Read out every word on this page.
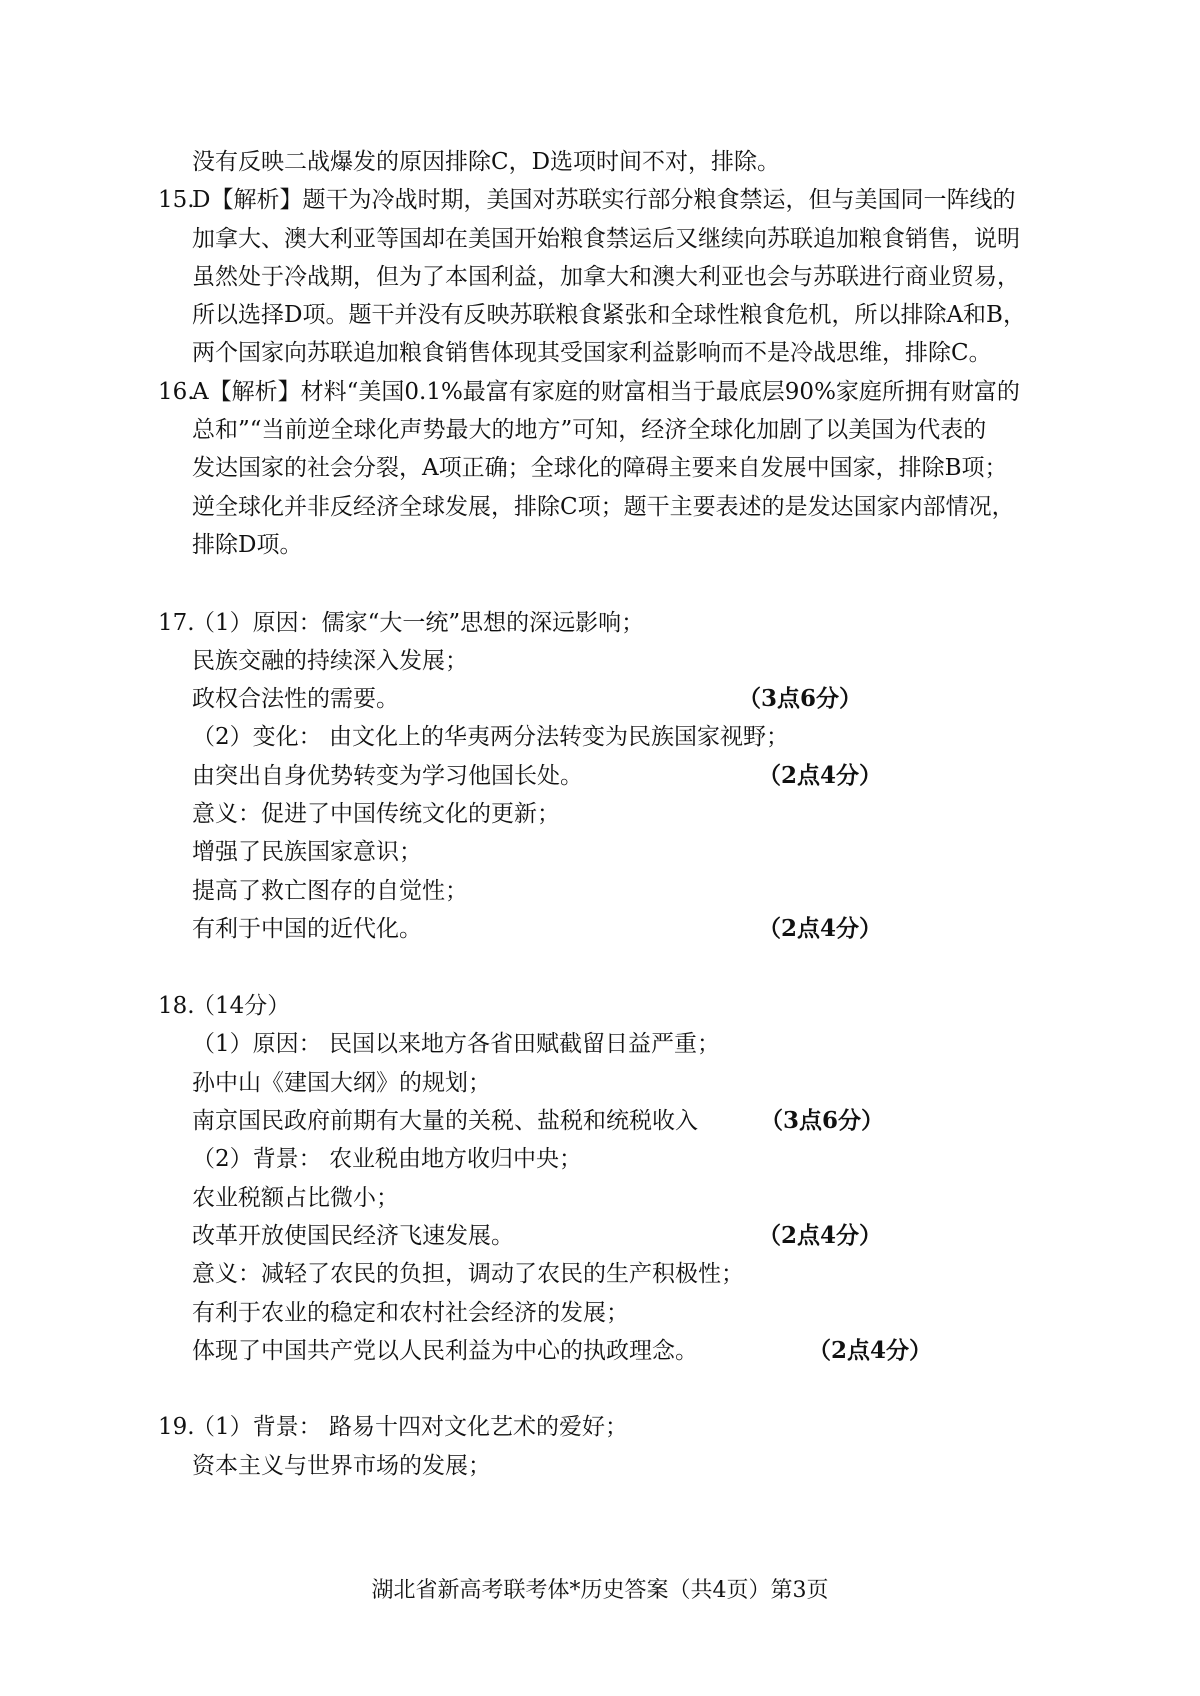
没有反映二战爆发的原因排除C，D选项时间不对，排除。
15.
D【解析】题干为冷战时期，美国对苏联实行部分粮食禁运，但与美国同一阵线的
加拿大、澳大利亚等国却在美国开始粮食禁运后又继续向苏联追加粮食销售，说明
虽然处于冷战期，但为了本国利益，加拿大和澳大利亚也会与苏联进行商业贸易，
所以选择D项。题干并没有反映苏联粮食紧张和全球性粮食危机，所以排除A和B，
两个国家向苏联追加粮食销售体现其受国家利益影响而不是冷战思维，排除C。
16.
A【解析】材料“美国0.1%最富有家庭的财富相当于最底层90%家庭所拥有财富的
总和”“当前逆全球化声势最大的地方”可知，经济全球化加剧了以美国为代表的
发达国家的社会分裂，A项正确；全球化的障碍主要来自发展中国家，排除B项；
逆全球化并非反经济全球发展，排除C项；题干主要表述的是发达国家内部情况，
排除D项。
17.
（1）原因：儒家“大一统”思想的深远影响；
民族交融的持续深入发展；
政权合法性的需要。	（3点6分）
（2）变化： 由文化上的华夷两分法转变为民族国家视野；
由突出自身优势转变为学习他国长处。	（2点4分）
意义：促进了中国传统文化的更新；
增强了民族国家意识；
提高了救亡图存的自觉性；
有利于中国的近代化。	（2点4分）
18.
（14分）
（1）原因： 民国以来地方各省田赋截留日益严重；
孙中山《建国大纲》的规划；
南京国民政府前期有大量的关税、盐税和统税收入	（3点6分）
（2）背景： 农业税由地方收归中央；
农业税额占比微小；
改革开放使国民经济飞速发展。	（2点4分）
意义：减轻了农民的负担，调动了农民的生产积极性；
有利于农业的稳定和农村社会经济的发展；
体现了中国共产党以人民利益为中心的执政理念。	（2点4分）
19.
（1）背景： 路易十四对文化艺术的爱好；
资本主义与世界市场的发展；
湖北省新高考联考体*历史答案（共4页）第3页
